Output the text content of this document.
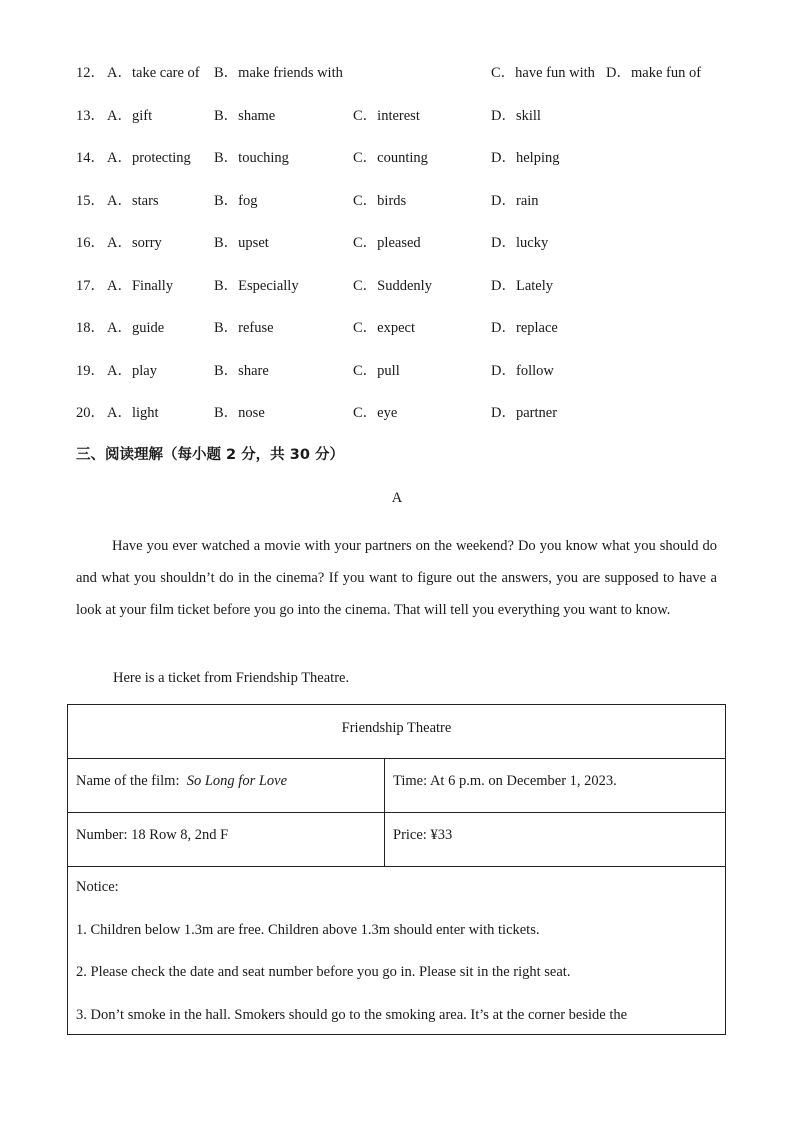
12． A．take care of B．make friends with	C．have fun with D．make fun of
13． A．gift	B．shame	C．interest	D．skill
14． A．protecting B．touching	C．counting	D．helping
15． A．stars	B．fog	C．birds	D．rain
16． A．sorry	B．upset	C．pleased	D．lucky
17． A．Finally	B．Especially	C．Suddenly	D．Lately
18． A．guide	B．refuse	C．expect	D．replace
19． A．play	B．share	C．pull	D．follow
20． A．light	B．nose	C．eye	D．partner
三、阅读理解（每小题 2 分，共 30 分）
A

Have you ever watched a movie with your partners on the weekend? Do you know what you should do and what you shouldn’t do in the cinema? If you want to figure out the answers, you are supposed to have a look at your film ticket before you go into the cinema. That will tell you everything you want to know.

Here is a ticket from Friendship Theatre.
Friendship Theatre
Name of the film: So Long for Love	Time: At 6 p.m. on December 1, 2023.
Number: 18 Row 8, 2nd F	Price: ¥33
Notice:
1. Children below 1.3m are free. Children above 1.3m should enter with tickets.
2. Please check the date and seat number before you go in. Please sit in the right seat.
3. Don’t smoke in the hall. Smokers should go to the smoking area. It’s at the corner beside the
